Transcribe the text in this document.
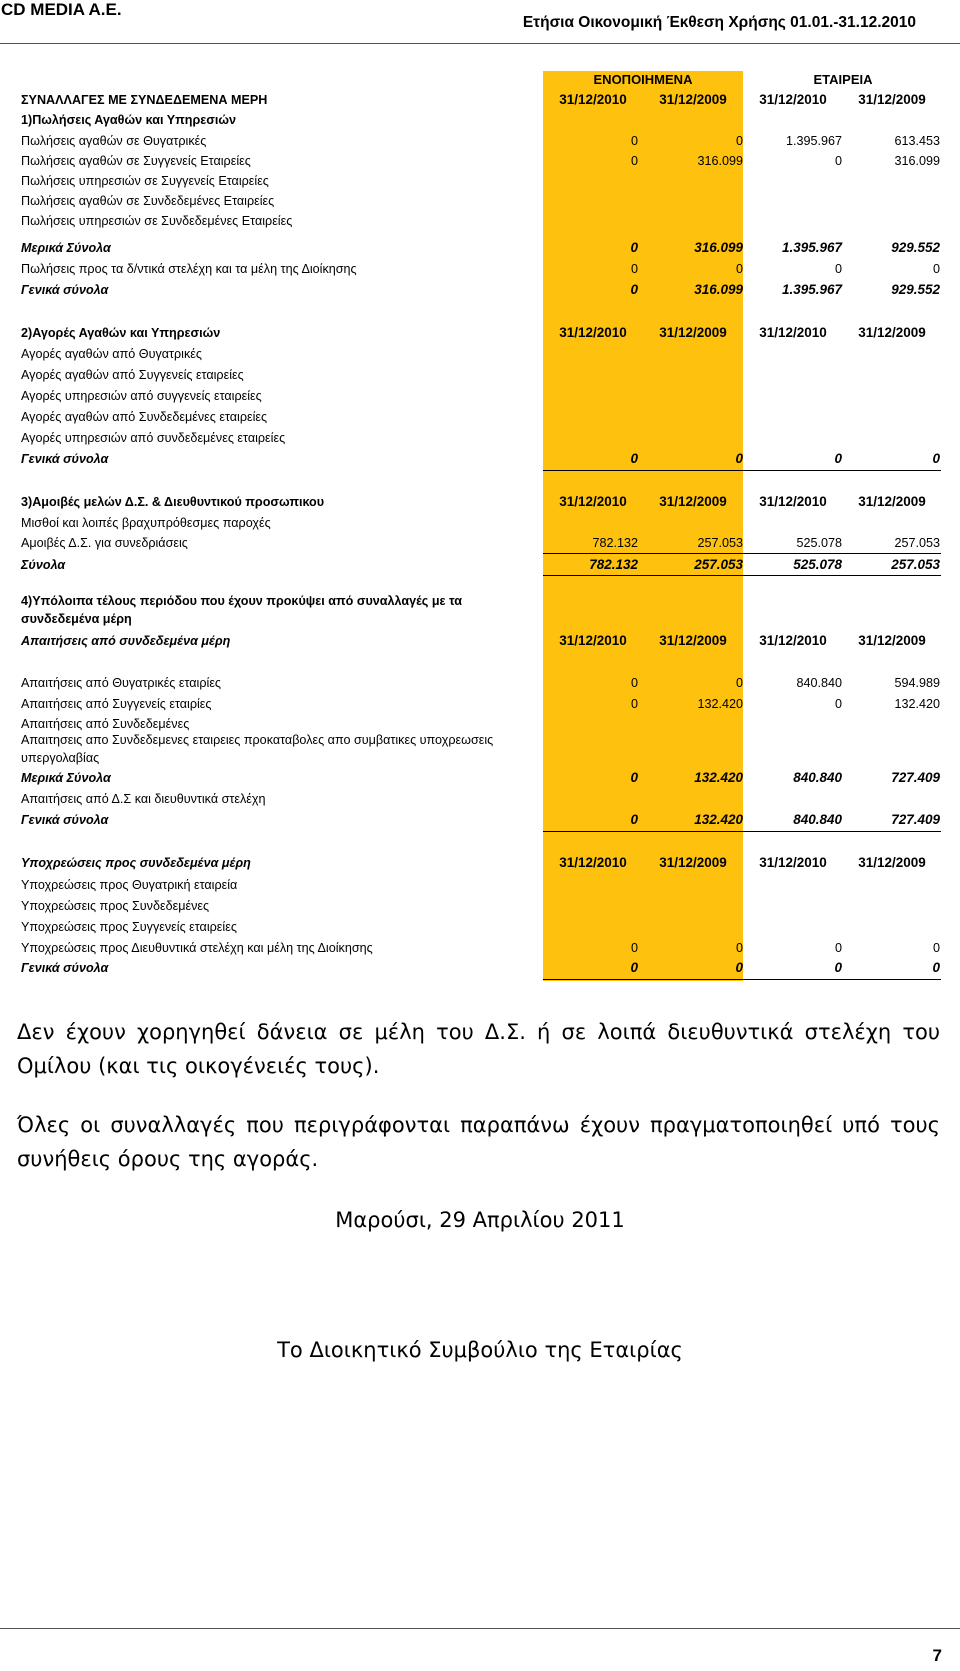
CD MEDIA A.E.
Ετήσια Οικονομική Έκθεση Χρήσης 01.01.-31.12.2010
ΕΝΟΠΟΙΗΜΕΝΑ	ΕΤΑΙΡΕΙΑ
ΣΥΝΑΛΛΑΓΕΣ ΜΕ ΣΥΝΔΕΔΕΜΕΝΑ ΜΕΡΗ	31/12/2010	31/12/2009	31/12/2010	31/12/2009
1)Πωλήσεις Αγαθών και Υπηρεσιών
Πωλήσεις αγαθών σε Θυγατρικές	0	0	1.395.967	613.453
Πωλήσεις αγαθών σε Συγγενείς Εταιρείες	0	316.099	0	316.099
Πωλήσεις υπηρεσιών σε Συγγενείς Εταιρείες
Πωλήσεις αγαθών σε Συνδεδεμένες Εταιρείες
Πωλήσεις υπηρεσιών σε Συνδεδεμένες Εταιρείες
Μερικά Σύνολα	0	316.099	1.395.967	929.552
Πωλήσεις προς τα δ/ντικά στελέχη και τα μέλη της Διοίκησης	0	0	0	0
Γενικά σύνολα	0	316.099	1.395.967	929.552
2)Αγορές Αγαθών και Υπηρεσιών	31/12/2010	31/12/2009	31/12/2010	31/12/2009
Αγορές αγαθών από Θυγατρικές
Αγορές αγαθών από Συγγενείς εταιρείες
Αγορές υπηρεσιών από συγγενείς εταιρείες
Αγορές αγαθών από Συνδεδεμένες εταιρείες
Αγορές υπηρεσιών από συνδεδεμένες εταιρείες
Γενικά σύνολα	0	0	0	0
3)Αμοιβές μελών Δ.Σ. & Διευθυντικού προσωπικου	31/12/2010	31/12/2009	31/12/2010	31/12/2009
Μισθοί και λοιπές βραχυπρόθεσμες παροχές
Αμοιβές Δ.Σ. για συνεδριάσεις	782.132	257.053	525.078	257.053
Σύνολα	782.132	257.053	525.078	257.053
4)Υπόλοιπα τέλους περιόδου που έχουν προκύψει από συναλλαγές με τα συνδεδεμένα μέρη
Απαιτήσεις από συνδεδεμένα μέρη	31/12/2010	31/12/2009	31/12/2010	31/12/2009
Απαιτήσεις από Θυγατρικές εταιρίες	0	0	840.840	594.989
Απαιτήσεις από Συγγενείς εταιρίες	0	132.420	0	132.420
Απαιτήσεις από Συνδεδεμένες
Απαιτησεις απο Συνδεδεμενες εταιρειες προκαταβολες απο συμβατικες υποχρεωσεις υπεργολαβίας
Μερικά Σύνολα	0	132.420	840.840	727.409
Απαιτήσεις από Δ.Σ και διευθυντικά στελέχη
Γενικά σύνολα	0	132.420	840.840	727.409
Υποχρεώσεις προς συνδεδεμένα μέρη	31/12/2010	31/12/2009	31/12/2010	31/12/2009
Υποχρεώσεις προς Θυγατρική εταιρεία
Υποχρεώσεις προς Συνδεδεμένες
Υποχρεώσεις προς Συγγενείς εταιρείες
Υποχρεώσεις προς Διευθυντικά στελέχη και μέλη της Διοίκησης	0	0	0	0
Γενικά σύνολα	0	0	0	0
Δεν έχουν χορηγηθεί δάνεια σε μέλη του Δ.Σ. ή σε λοιπά διευθυντικά στελέχη του Ομίλου (και τις οικογένειές τους).
Όλες οι συναλλαγές που περιγράφονται παραπάνω έχουν πραγματοποιηθεί υπό τους συνήθεις όρους της αγοράς.
Μαρούσι, 29 Απριλίου 2011
Το Διοικητικό Συμβούλιο της Εταιρίας
7
